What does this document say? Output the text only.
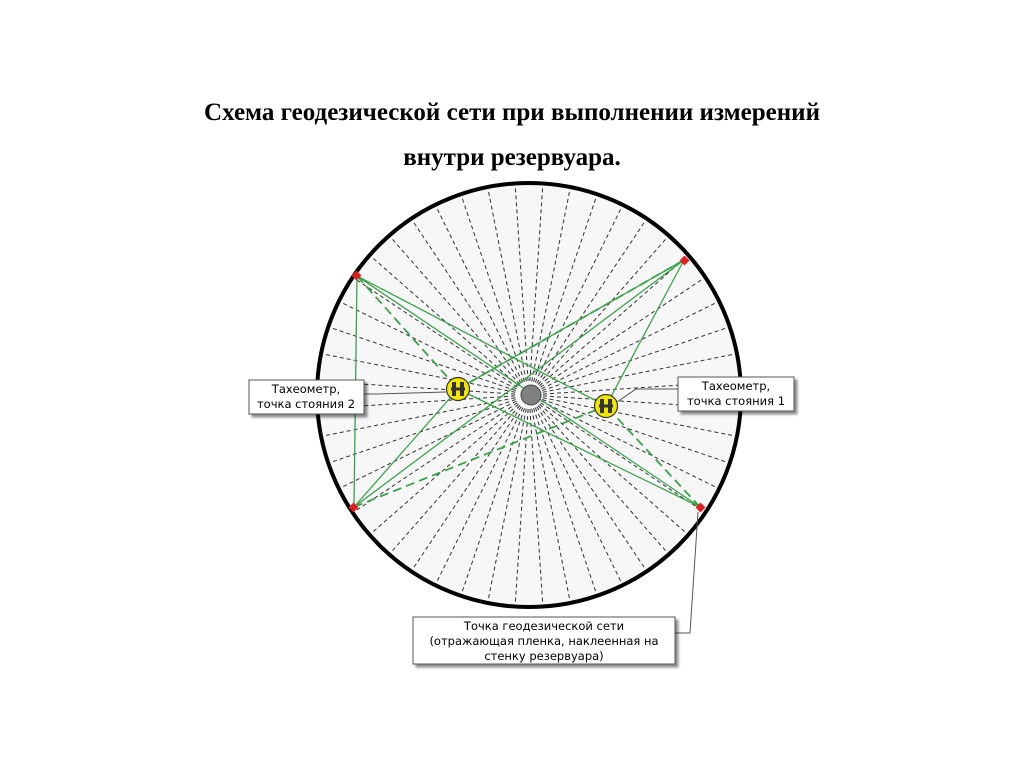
Схема геодезической сети при выполнении измерений
внутри резервуара.
Тахеометр,
точка стояния 2
Тахеометр,
точка стояния 1
Точка геодезической сети
(отражающая пленка, наклеенная на
стенку резервуара)
